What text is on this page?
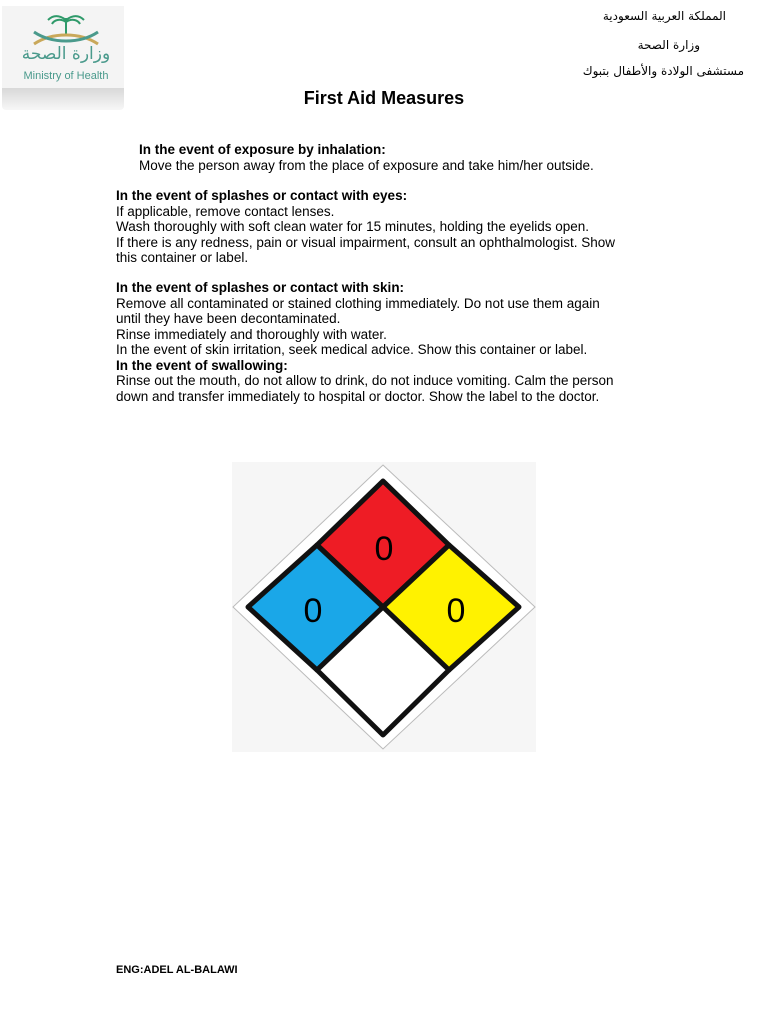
وزارة الصحة
Ministry of Health
المملكة العربية السعودية
وزارة الصحة
مستشفى الولادة والأطفال بتبوك
First Aid Measures
In the event of exposure by inhalation:
Move the person away from the place of exposure and take him/her outside.
In the event of splashes or contact with eyes:
If applicable, remove contact lenses.
Wash thoroughly with soft clean water for 15 minutes, holding the eyelids open.
If there is any redness, pain or visual impairment, consult an ophthalmologist. Show
this container or label.
In the event of splashes or contact with skin:
Remove all contaminated or stained clothing immediately. Do not use them again
until they have been decontaminated.
Rinse immediately and thoroughly with water.
In the event of skin irritation, seek medical advice. Show this container or label.
In the event of swallowing:
Rinse out the mouth, do not allow to drink, do not induce vomiting. Calm the person
down and transfer immediately to hospital or doctor. Show the label to the doctor.
0
0	0
ENG:ADEL AL-BALAWI
